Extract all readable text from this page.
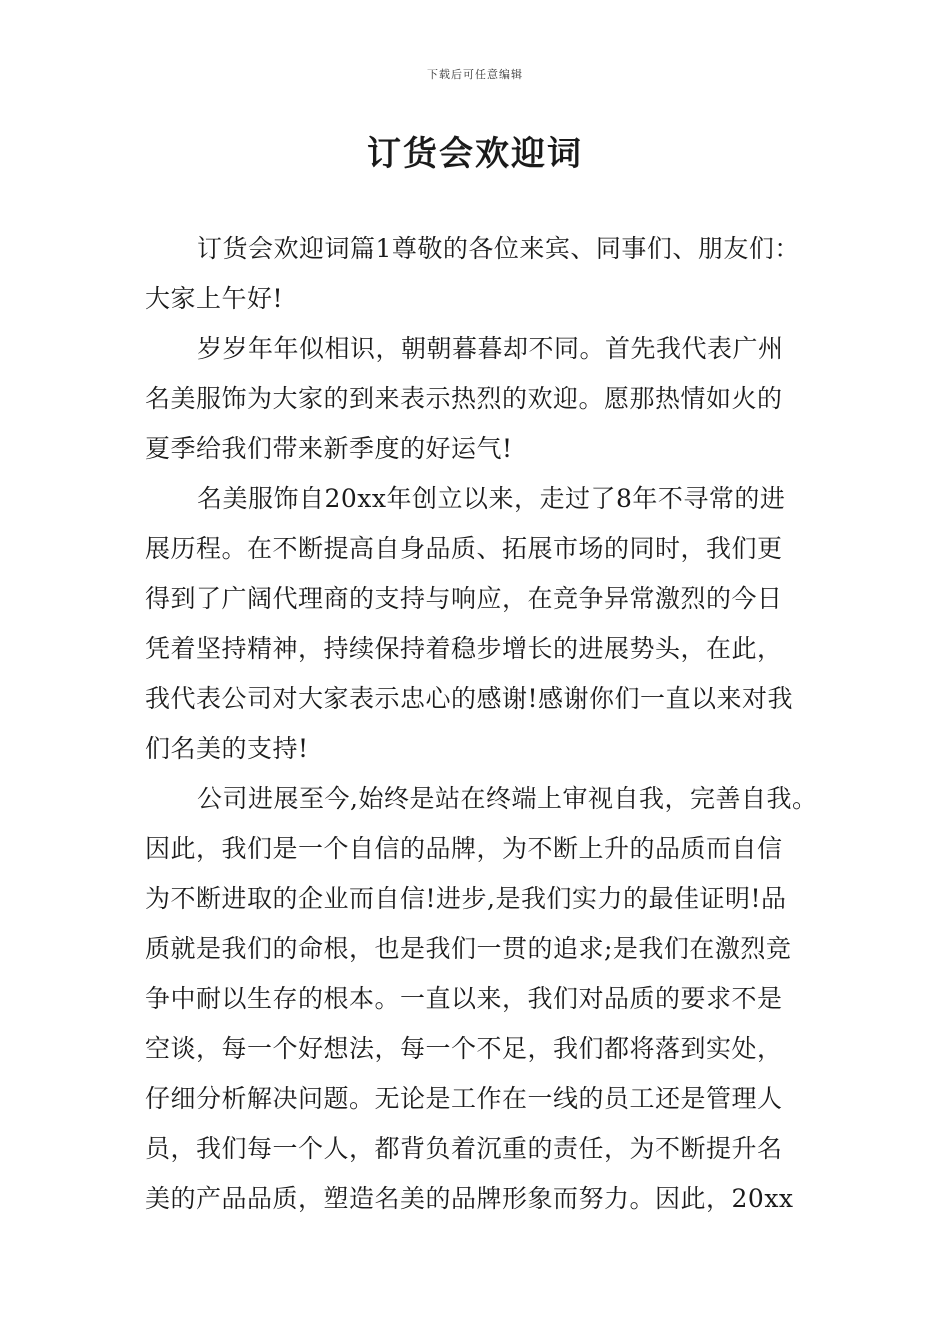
下载后可任意编辑
订货会欢迎词
订货会欢迎词篇1尊敬的各位来宾、同事们、朋友们：
大家上午好!
岁岁年年似相识，朝朝暮暮却不同。首先我代表广州
名美服饰为大家的到来表示热烈的欢迎。愿那热情如火的
夏季给我们带来新季度的好运气!
名美服饰自20xx年创立以来，走过了8年不寻常的进
展历程。在不断提高自身品质、拓展市场的同时，我们更
得到了广阔代理商的支持与响应，在竞争异常激烈的今日
凭着坚持精神，持续保持着稳步增长的进展势头，在此，
我代表公司对大家表示忠心的感谢!感谢你们一直以来对我
们名美的支持!
公司进展至今,始终是站在终端上审视自我，完善自我。
因此，我们是一个自信的品牌，为不断上升的品质而自信
为不断进取的企业而自信!进步,是我们实力的最佳证明!品
质就是我们的命根，也是我们一贯的追求;是我们在激烈竞
争中耐以生存的根本。一直以来，我们对品质的要求不是
空谈，每一个好想法，每一个不足，我们都将落到实处，
仔细分析解决问题。无论是工作在一线的员工还是管理人
员，我们每一个人，都背负着沉重的责任，为不断提升名
美的产品品质，塑造名美的品牌形象而努力。因此，20xx
